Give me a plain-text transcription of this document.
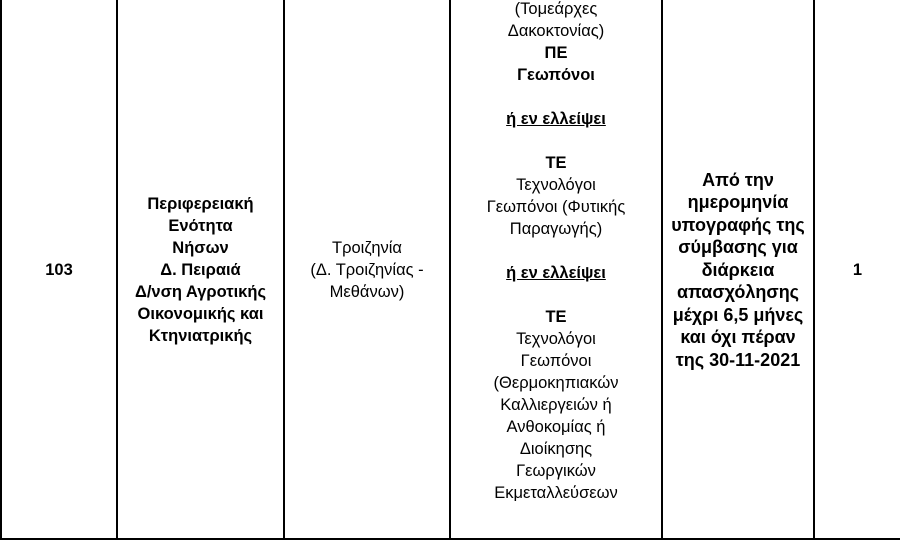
103
Περιφερειακή
Ενότητα
Νήσων
Δ. Πειραιά
Δ/νση Αγροτικής
Οικονομικής και
Κτηνιατρικής
Τροιζηνία
(Δ. Τροιζηνίας -
Μεθάνων)
(Τομεάρχες
Δακοκτονίας)
ΠΕ
Γεωπόνοι
ή εν ελλείψει
ΤΕ
Τεχνολόγοι
Γεωπόνοι (Φυτικής
Παραγωγής)
ή εν ελλείψει
ΤΕ
Τεχνολόγοι
Γεωπόνοι
(Θερμοκηπιακών
Καλλιεργειών ή
Ανθοκομίας ή
Διοίκησης
Γεωργικών
Εκμεταλλεύσεων
Από την
ημερομηνία
υπογραφής της
σύμβασης για
διάρκεια
απασχόλησης
μέχρι 6,5 μήνες
και όχι πέραν
της 30-11-2021
1
